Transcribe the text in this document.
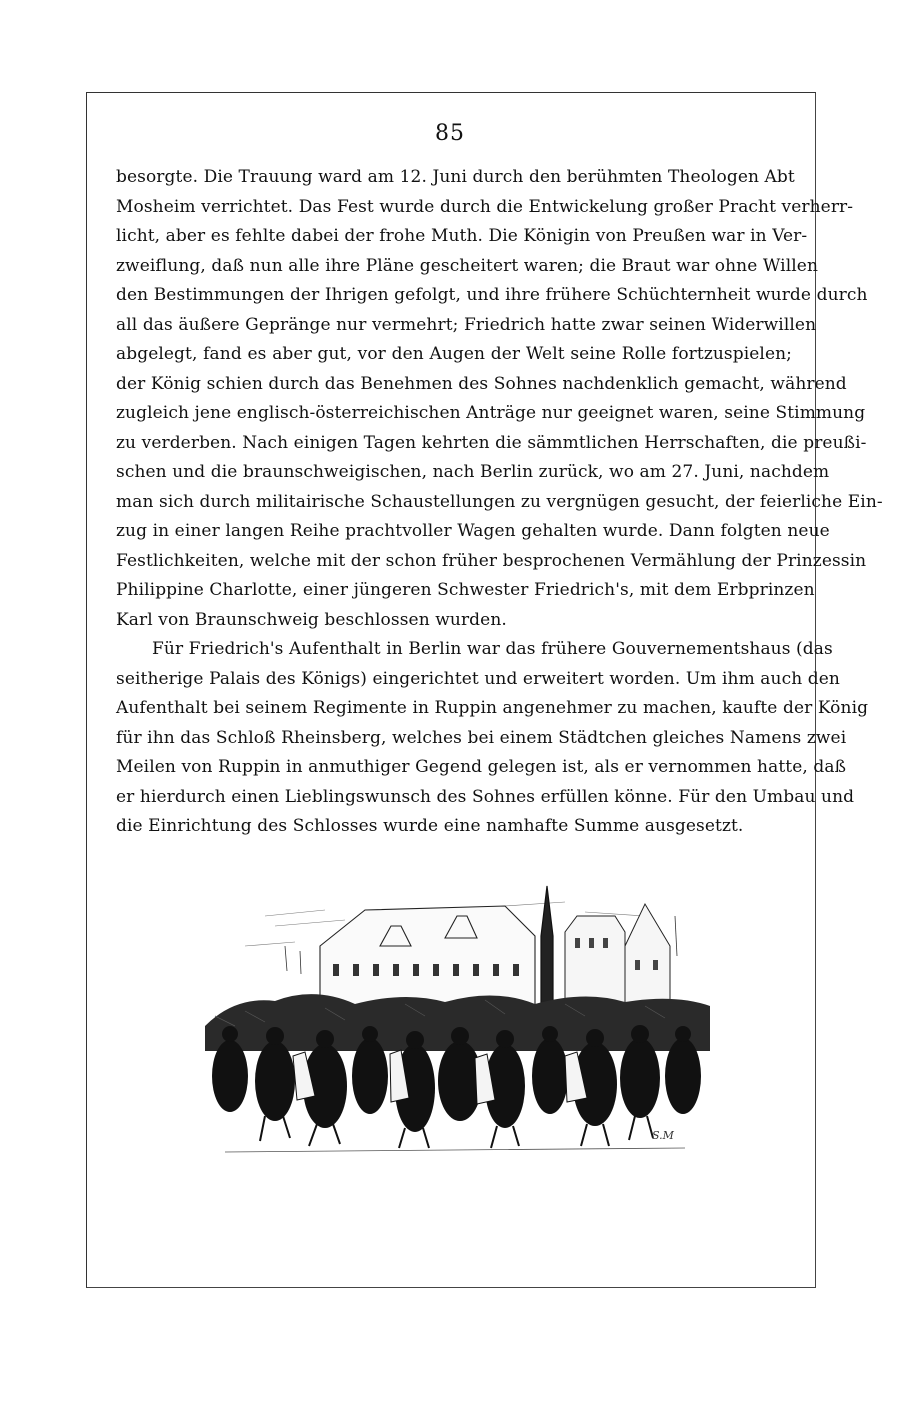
85
besorgte. Die Trauung ward am 12. Juni durch den berühmten Theologen Abt
Mosheim verrichtet. Das Fest wurde durch die Entwickelung großer Pracht verherr-
licht, aber es fehlte dabei der frohe Muth. Die Königin von Preußen war in Ver-
zweiflung, daß nun alle ihre Pläne gescheitert waren; die Braut war ohne Willen
den Bestimmungen der Ihrigen gefolgt, und ihre frühere Schüchternheit wurde durch
all das äußere Gepränge nur vermehrt; Friedrich hatte zwar seinen Widerwillen
abgelegt, fand es aber gut, vor den Augen der Welt seine Rolle fortzuspielen;
der König schien durch das Benehmen des Sohnes nachdenklich gemacht, während
zugleich jene englisch-österreichischen Anträge nur geeignet waren, seine Stimmung
zu verderben. Nach einigen Tagen kehrten die sämmtlichen Herrschaften, die preußi-
schen und die braunschweigischen, nach Berlin zurück, wo am 27. Juni, nachdem
man sich durch militairische Schaustellungen zu vergnügen gesucht, der feierliche Ein-
zug in einer langen Reihe prachtvoller Wagen gehalten wurde. Dann folgten neue
Festlichkeiten, welche mit der schon früher besprochenen Vermählung der Prinzessin
Philippine Charlotte, einer jüngeren Schwester Friedrich's, mit dem Erbprinzen
Karl von Braunschweig beschlossen wurden.
Für Friedrich's Aufenthalt in Berlin war das frühere Gouvernementshaus (das
seitherige Palais des Königs) eingerichtet und erweitert worden. Um ihm auch den
Aufenthalt bei seinem Regimente in Ruppin angenehmer zu machen, kaufte der König
für ihn das Schloß Rheinsberg, welches bei einem Städtchen gleiches Namens zwei
Meilen von Ruppin in anmuthiger Gegend gelegen ist, als er vernommen hatte, daß
er hierdurch einen Lieblingswunsch des Sohnes erfüllen könne. Für den Umbau und
die Einrichtung des Schlosses wurde eine namhafte Summe ausgesetzt.
S.M
